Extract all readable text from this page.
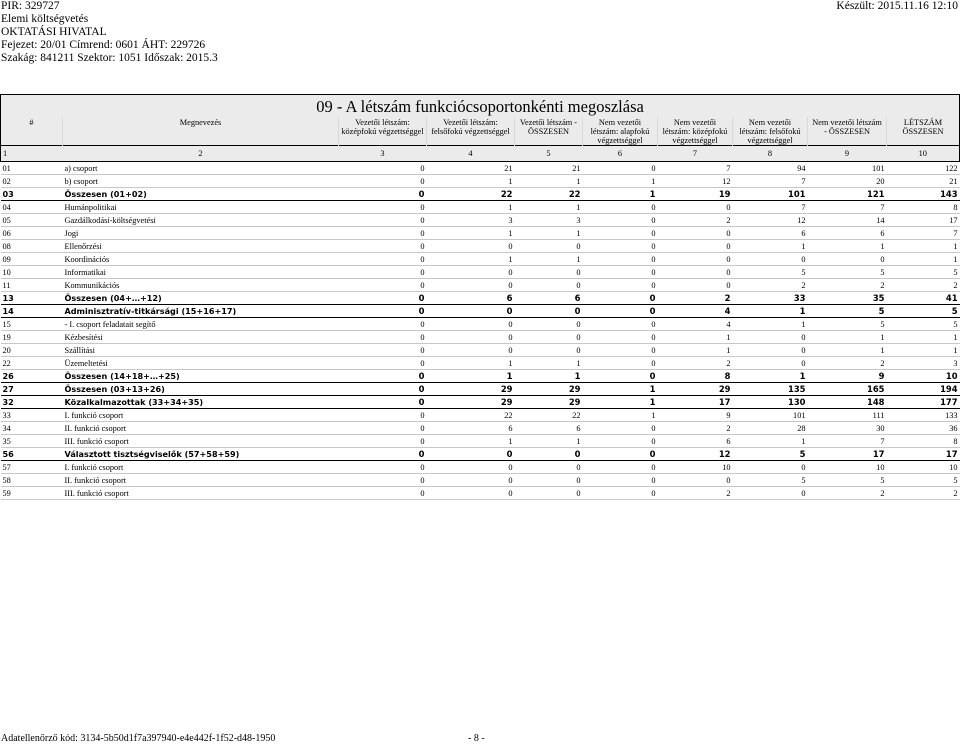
PIR: 329727
Elemi költségvetés
OKTATÁSI HIVATAL
Fejezet: 20/01 Címrend: 0601 ÁHT: 229726
Szakág: 841211 Szektor: 1051 Időszak: 2015.3
Készült: 2015.11.16 12:10
09 - A létszám funkciócsoportonkénti megoszlása									
#	Megnevezés	Vezetői létszám: középfokú végzettséggel	Vezetői létszám: felsőfokú végzettséggel	Vezetői létszám - ÖSSZESEN	Nem vezetői létszám: alapfokú végzettséggel	Nem vezetői létszám: középfokú végzettséggel	Nem vezetői létszám: felsőfokú végzettséggel	Nem vezetői létszám - ÖSSZESEN	LÉTSZÁM ÖSSZESEN
1	2	3	4	5	6	7	8	9	10
01	a) csoport	0	21	21	0	7	94	101	122
02	b) csoport	0	1	1	1	12	7	20	21
03	Összesen (01+02)	0	22	22	1	19	101	121	143
04	Humánpolitikai	0	1	1	0	0	7	7	8
05	Gazdálkodási-költségvetési	0	3	3	0	2	12	14	17
06	Jogi	0	1	1	0	0	6	6	7
08	Ellenőrzési	0	0	0	0	0	1	1	1
09	Koordinációs	0	1	1	0	0	0	0	1
10	Informatikai	0	0	0	0	0	5	5	5
11	Kommunikációs	0	0	0	0	0	2	2	2
13	Összesen (04+…+12)	0	6	6	0	2	33	35	41
14	Adminisztratív-titkársági (15+16+17)	0	0	0	0	4	1	5	5
15	- I. csoport feladatait segítő	0	0	0	0	4	1	5	5
19	Kézbesítési	0	0	0	0	1	0	1	1
20	Szállítási	0	0	0	0	1	0	1	1
22	Üzemeltetési	0	1	1	0	2	0	2	3
26	Összesen (14+18+…+25)	0	1	1	0	8	1	9	10
27	Összesen (03+13+26)	0	29	29	1	29	135	165	194
32	Közalkalmazottak (33+34+35)	0	29	29	1	17	130	148	177
33	I. funkció csoport	0	22	22	1	9	101	111	133
34	II. funkció csoport	0	6	6	0	2	28	30	36
35	III. funkció csoport	0	1	1	0	6	1	7	8
56	Választott tisztségviselők (57+58+59)	0	0	0	0	12	5	17	17
57	I. funkció csoport	0	0	0	0	10	0	10	10
58	II. funkció csoport	0	0	0	0	0	5	5	5
59	III. funkció csoport	0	0	0	0	2	0	2	2
Adatellenőrző kód: 3134-5b50d1f7a397940-e4e442f-1f52-d48-1950	- 8 -
